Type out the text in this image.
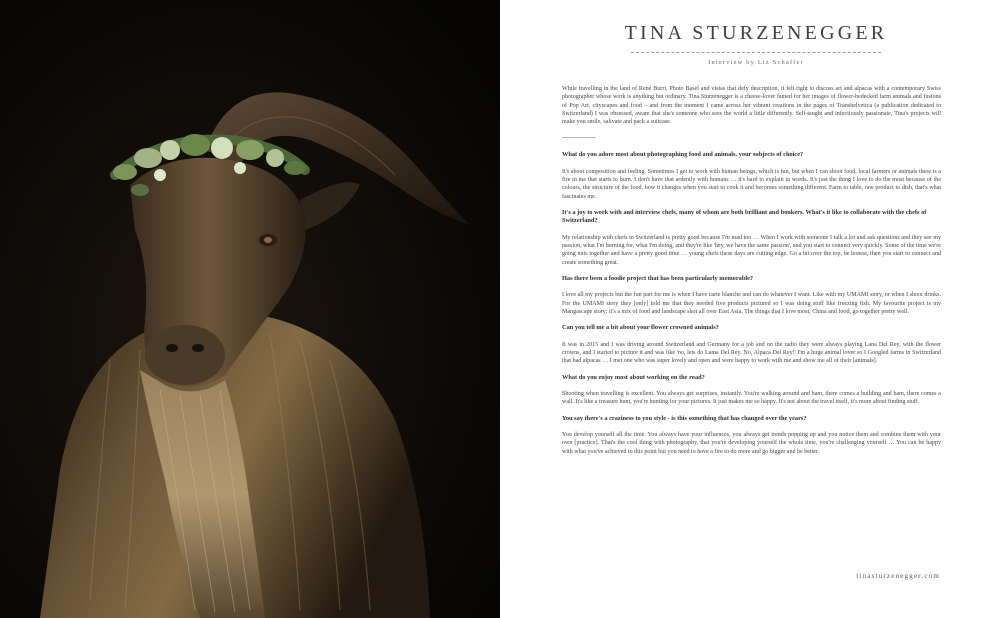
TINA STURZENEGGER
Interview by Liz Schaffer

While travelling in the land of René Burri, Photo Basel and vistas that defy description, it felt right to discuss art and alpacas with a contemporary Swiss photographer whose work is anything but ordinary. Tina Sturzenegger is a cheese-lover famed for her images of flower-bedecked farm animals and fusions of Pop Art, cityscapes and food – and from the moment I came across her vibrant creations in the pages of Transhelvetica (a publication dedicated to Switzerland) I was obsessed, aware that she's someone who sees the world a little differently. Self-taught and infectiously passionate, Tina's projects will make you smile, salivate and pack a suitcase.

What do you adore most about photographing food and animals, your subjects of choice?

It's about composition and feeling. Sometimes I get to work with human beings, which is fun, but when I can shoot food, local farmers or animals there is a fire in me that starts to burn. I don't have that ardently with humans … it's hard to explain in words. It's just the thing I love to do the most because of the colours, the structure of the food, how it changes when you start to cook it and becomes something different. Farm to table, raw product to dish, that's what fascinates me.

It's a joy to work with and interview chefs, many of whom are both brilliant and bonkers. What's it like to collaborate with the chefs of Switzerland?

My relationship with chefs in Switzerland is pretty good because I'm mad too … When I work with someone I talk a lot and ask questions and they see my passion, what I'm burning for, what I'm doing, and they're like 'hey, we have the same passion', and you start to connect very quickly. Some of the time we're going nuts together and have a pretty good time … young chefs these days are cutting edge. Go a bit over the top, be honest, then you start to connect and create something great.

Has there been a foodie project that has been particularly memorable?

I love all my projects but the fun part for me is when I have carte blanche and can do whatever I want. Like with my UMAMI story, or when I shoot drinks. For the UMAMI story they [only] told me that they needed five products pictured so I was doing stuff like freezing fish. My favourite project is my Mangascape story; it's a mix of food and landscape shot all over East Asia. The things that I love most, China and food, go together pretty well.

Can you tell me a bit about your flower crowned animals?

It was in 2015 and I was driving around Switzerland and Germany for a job and on the radio they were always playing Lana Del Rey, with the flower crowns, and I started to picture it and was like 'no, lets do Lama Del Rey. No, Alpaca Del Rey!' I'm a huge animal lover so I Googled farms in Switzerland that had alpacas … I met one who was super lovely and open and were happy to work with me and show me all of their [animals].

What do you enjoy most about working on the road?

Shooting when travelling is excellent. You always get surprises, instantly. You're walking around and bam, there comes a building and bam, there comes a wall. It's like a treasure hunt, you're hunting for your pictures. It just makes me so happy. It's not about the travel itself, it's more about finding stuff.

You say there's a craziness to you style - is this something that has changed over the years?

You develop yourself all the time. You always have your influences, you always get trends popping up and you notice them and combine them with your own [practice]. That's the cool thing with photography, that you're developing yourself the whole time, you're challenging yourself … You can be happy with what you've achieved to this point but you need to have a fire to do more and go bigger and be better.

tinasturzenegger.com
